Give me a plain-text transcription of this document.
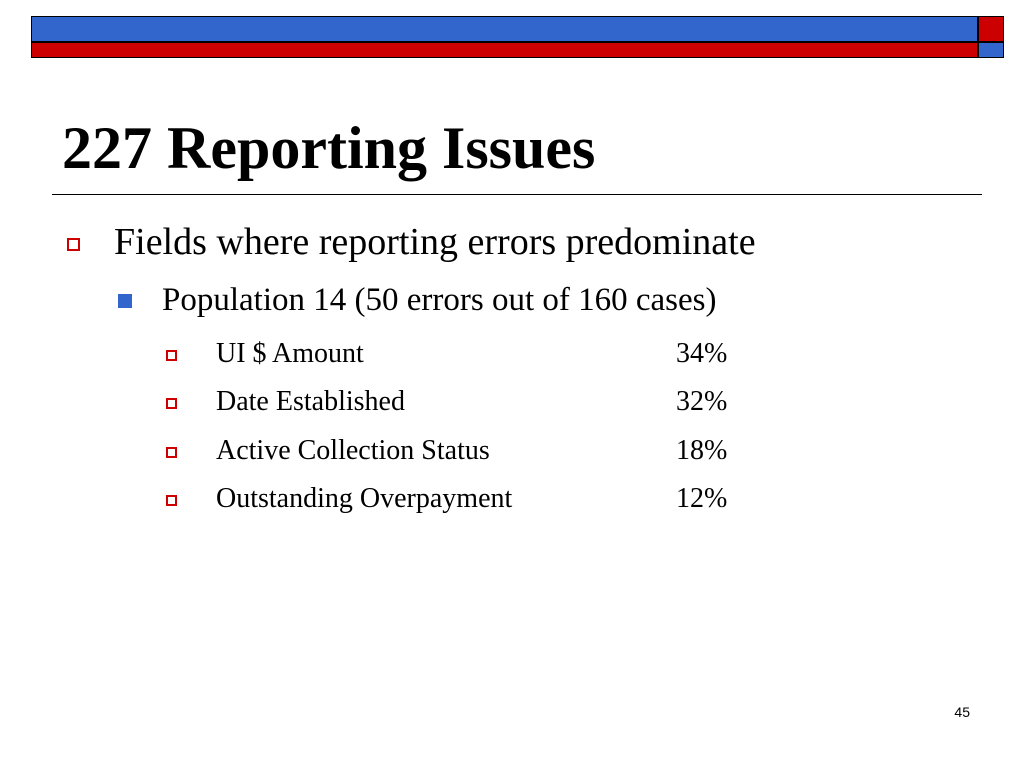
227 Reporting Issues
Fields where reporting errors predominate
Population 14 (50 errors out of 160 cases)
UI $ Amount	34%
Date Established	32%
Active Collection Status	18%
Outstanding Overpayment	12%
45
